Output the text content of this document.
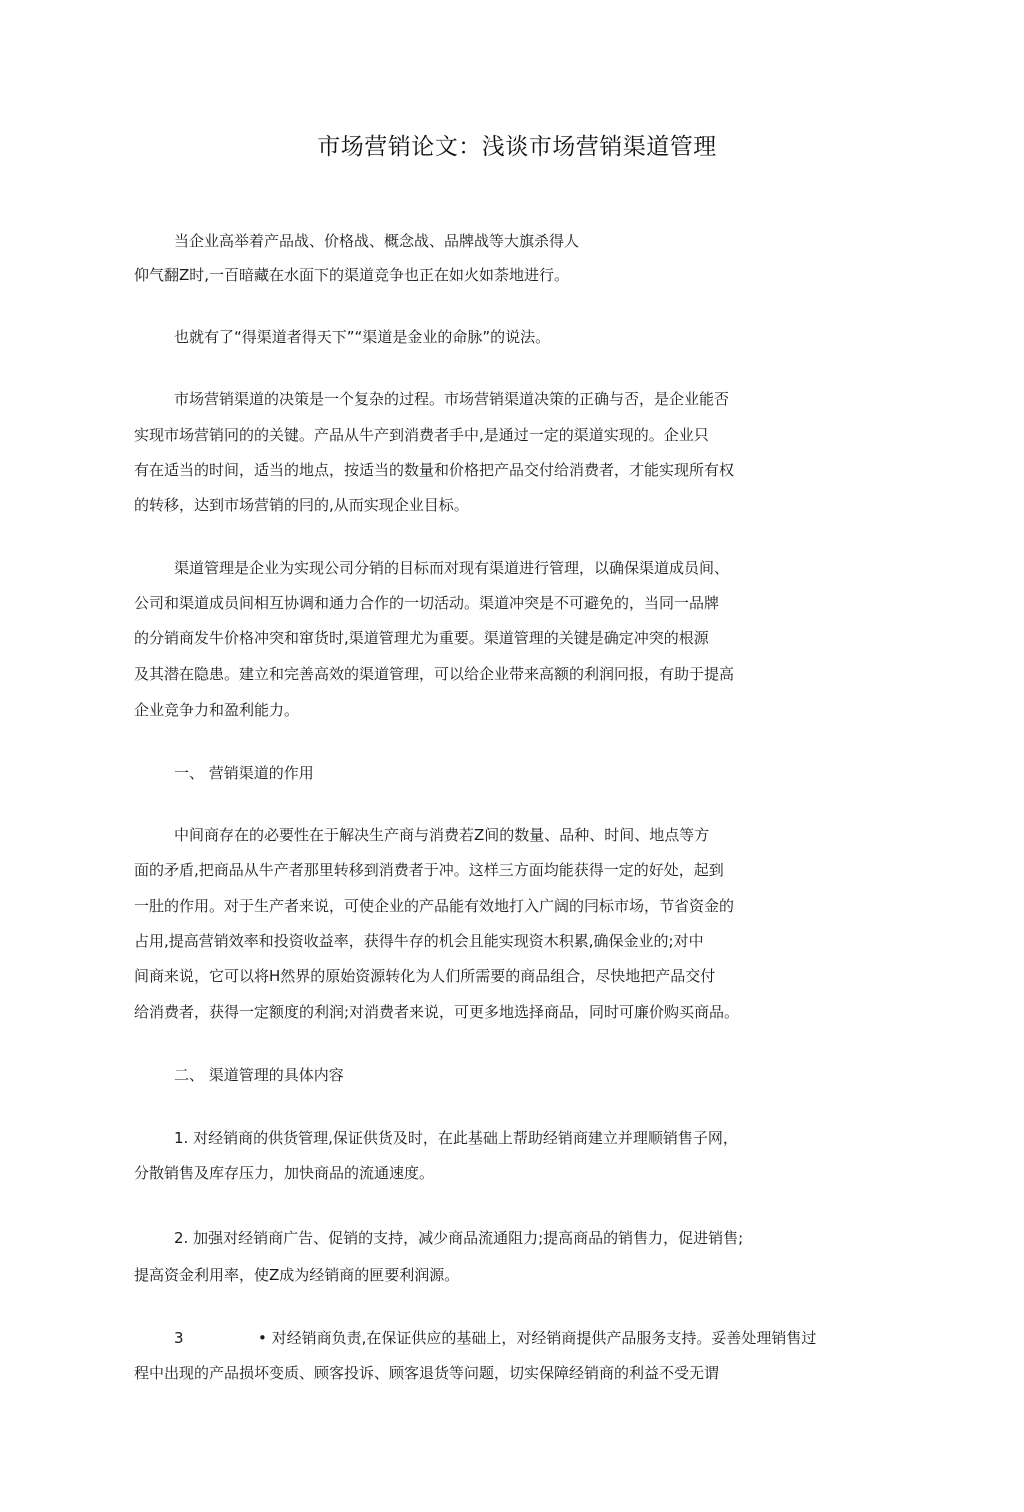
市场营销论文：浅谈市场营销渠道管理
当企业高举着产品战、价格战、概念战、品牌战等大旗杀得人
仰气翻Z时,一百暗藏在水面下的渠道竞争也正在如火如荼地进行。
也就有了“得渠道者得天下”“渠道是金业的命脉”的说法。
市场营销渠道的决策是一个复杂的过程。市场营销渠道决策的正确与否，是企业能否
实现市场营销冋的的关键。产品从牛产到消费者手中,是通过一定的渠道实现的。企业只
有在适当的时间，适当的地点，按适当的数量和价格把产品交付给消费者，才能实现所有权
的转移，达到市场营销的冃的,从而实现企业目标。
渠道管理是企业为实现公司分销的目标而对现有渠道进行管理，以确保渠道成员间、
公司和渠道成员间相互协调和通力合作的一切活动。渠道冲突是不可避免的，当同一品牌
的分销商发牛价格冲突和窜货时,渠道管理尤为重要。渠道管理的关键是确定冲突的根源
及其潜在隐患。建立和完善高效的渠道管理，可以给企业带来高额的利润冋报，有助于提高
企业竞争力和盈利能力。
一、 营销渠道的作用
中间商存在的必要性在于解决生产商与消费若Z间的数量、品种、时间、地点等方
面的矛盾,把商品从牛产者那里转移到消费者于冲。这样三方面均能获得一定的好处，起到
一肚的作用。对于生产者来说，可使企业的产品能有效地打入广阔的冃标市场，节省资金的
占用,提高营销效率和投资收益率，获得牛存的机会且能实现资木积累,确保金业的;对中
间商来说，它可以将H然界的原始资源转化为人们所需要的商品组合，尽快地把产品交付
给消费者，获得一定额度的利润;对消费者来说，可更多地选择商品，同时可廉价购买商品。
二、 渠道管理的具体内容
1. 对经销商的供货管理,保证供货及时，在此基础上帮助经销商建立并理顺销售子网，
分散销售及库存压力，加快商品的流通速度。
2. 加强对经销商广告、促销的支持，减少商品流通阻力;提高商品的销售力，促进销售;
提高资金利用率，使Z成为经销商的匣要利润源。
3	• 对经销商负责,在保证供应的基础上，对经销商提供产品服务支持。妥善处理销售过
程中出现的产品损坏变质、顾客投诉、顾客退货等问题，切实保障经销商的利益不受无谓
